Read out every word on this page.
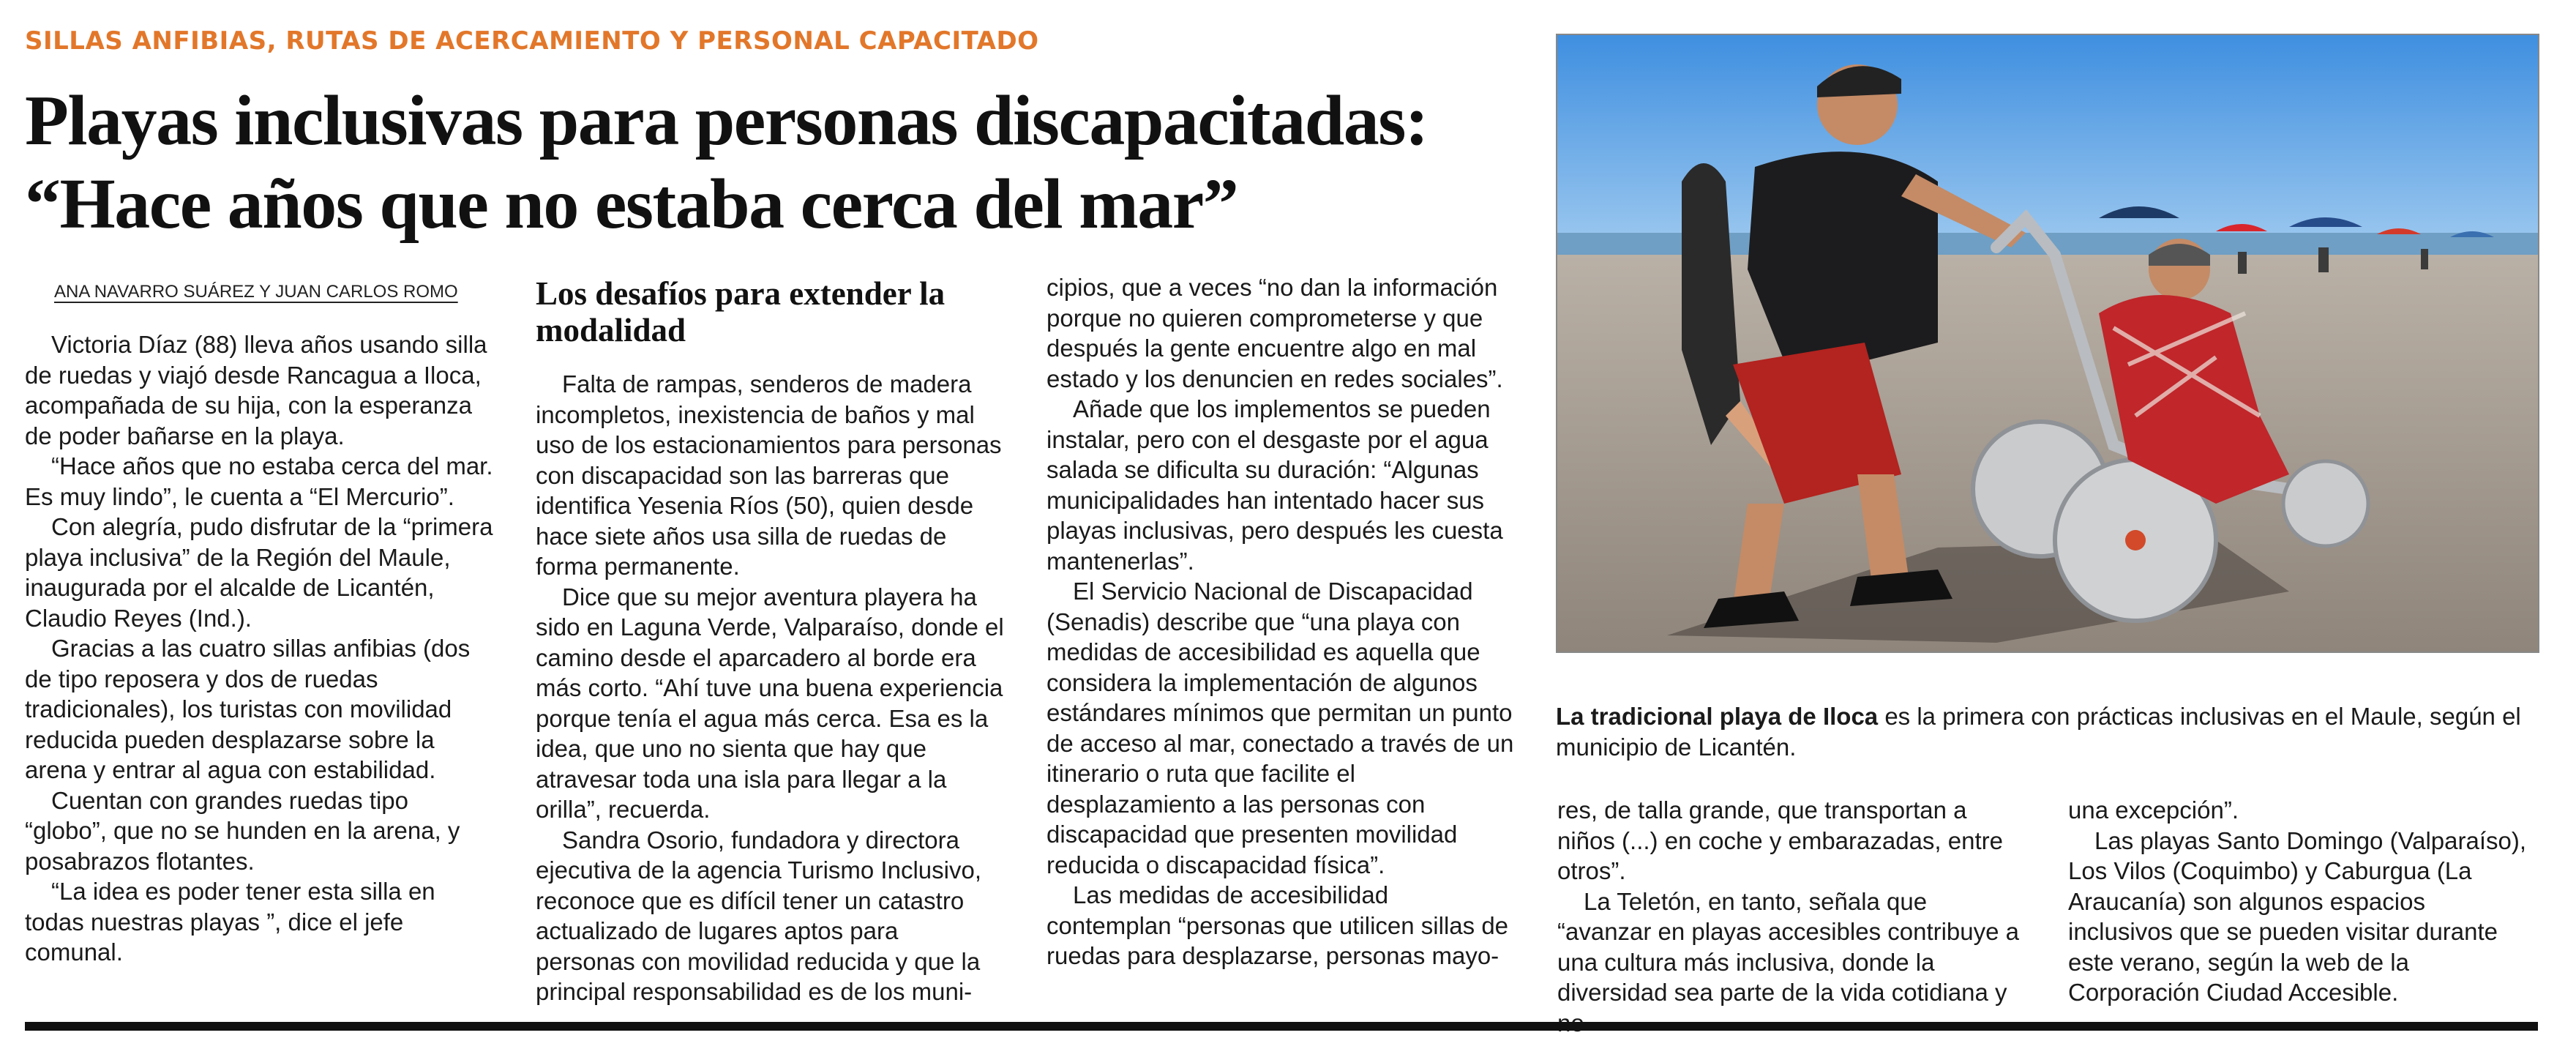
SILLAS ANFIBIAS, RUTAS DE ACERCAMIENTO Y PERSONAL CAPACITADO
Playas inclusivas para personas discapacitadas:
“Hace años que no estaba cerca del mar”
ANA NAVARRO SUÁREZ Y JUAN CARLOS ROMO

Victoria Díaz (88) lleva años usando silla de ruedas y viajó desde Rancagua a Iloca, acompañada de su hija, con la esperanza de poder bañarse en la playa.

“Hace años que no estaba cerca del mar. Es muy lindo”, le cuenta a “El Mercurio”.

Con alegría, pudo disfrutar de la “primera playa inclusiva” de la Región del Maule, inaugurada por el alcalde de Licantén, Claudio Reyes (Ind.).

Gracias a las cuatro sillas anfibias (dos de tipo reposera y dos de ruedas tradicionales), los turistas con movilidad reducida pueden desplazarse sobre la arena y entrar al agua con estabilidad.

Cuentan con grandes ruedas tipo “globo”, que no se hunden en la arena, y posabrazos flotantes.

“La idea es poder tener esta silla en todas nuestras playas ”, dice el jefe comunal.

Los desafíos para extender la modalidad

Falta de rampas, senderos de madera incompletos, inexistencia de baños y mal uso de los estacionamientos para personas con discapacidad son las barreras que identifica Yesenia Ríos (50), quien desde hace siete años usa silla de ruedas de forma permanente.

Dice que su mejor aventura playera ha sido en Laguna Verde, Valparaíso, donde el camino desde el aparcadero al borde era más corto. “Ahí tuve una buena experiencia porque tenía el agua más cerca. Esa es la idea, que uno no sienta que hay que atravesar toda una isla para llegar a la orilla”, recuerda.

Sandra Osorio, fundadora y directora ejecutiva de la agencia Turismo Inclusivo, reconoce que es difícil tener un catastro actualizado de lugares aptos para personas con movilidad reducida y que la principal responsabilidad es de los muni-

cipios, que a veces “no dan la información porque no quieren comprometerse y que después la gente encuentre algo en mal estado y los denuncien en redes sociales”.

Añade que los implementos se pueden instalar, pero con el desgaste por el agua salada se dificulta su duración: “Algunas municipalidades han intentado hacer sus playas inclusivas, pero después les cuesta mantenerlas”.

El Servicio Nacional de Discapacidad (Senadis) describe que “una playa con medidas de accesibilidad es aquella que considera la implementación de algunos estándares mínimos que permitan un punto de acceso al mar, conectado a través de un itinerario o ruta que facilite el desplazamiento a las personas con discapacidad que presenten movilidad reducida o discapacidad física”.

Las medidas de accesibilidad contemplan “personas que utilicen sillas de ruedas para desplazarse, personas mayo-

La tradicional playa de Iloca es la primera con prácticas inclusivas en el Maule, según el municipio de Licantén.

res, de talla grande, que transportan a niños (...) en coche y embarazadas, entre otros”.

La Teletón, en tanto, señala que “avanzar en playas accesibles contribuye a una cultura más inclusiva, donde la diversidad sea parte de la vida cotidiana y

una excepción”.

Las playas Santo Domingo (Valparaíso), Los Vilos (Coquimbo) y Caburgua (La Araucanía) son algunos espacios inclusivos que se pueden visitar durante este verano, según la web de la Corporación Ciudad Accesible.
